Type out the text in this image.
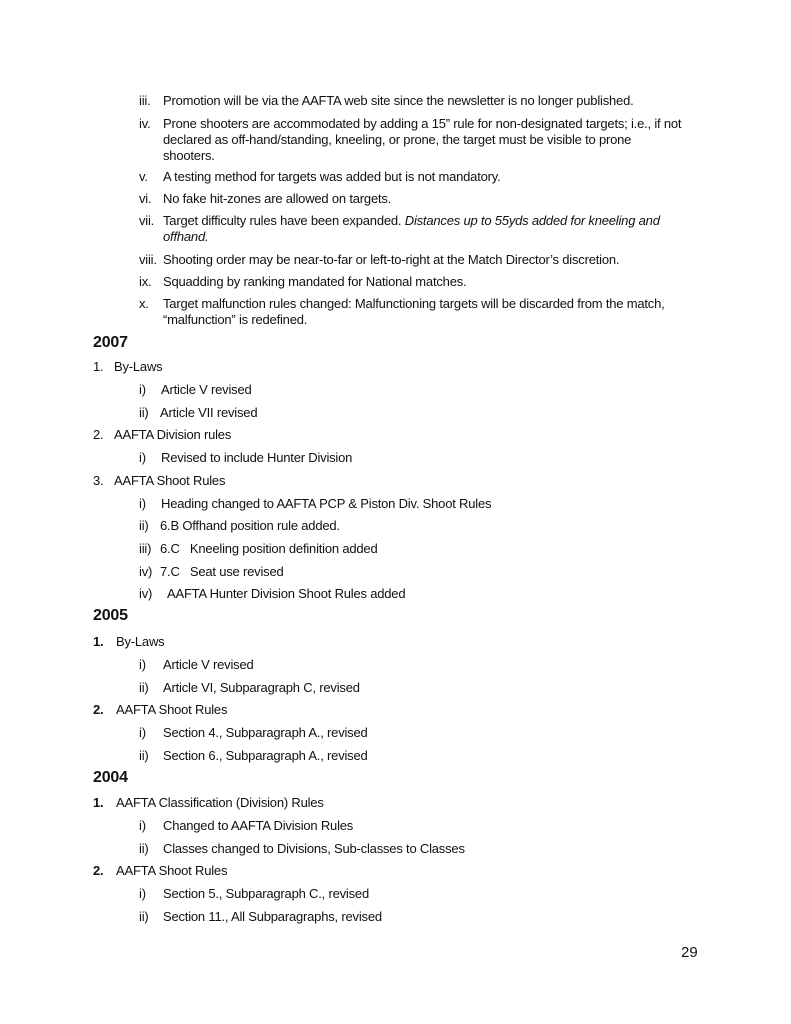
iii. Promotion will be via the AAFTA web site since the newsletter is no longer published.
iv. Prone shooters are accommodated by adding a 15” rule for non-designated targets; i.e., if not
declared as off-hand/standing, kneeling, or prone, the target must be visible to prone
shooters.
v. A testing method for targets was added but is not mandatory.
vi. No fake hit-zones are allowed on targets.
vii. Target difficulty rules have been expanded. Distances up to 55yds added for kneeling and
offhand.
viii. Shooting order may be near-to-far or left-to-right at the Match Director’s discretion.
ix. Squadding by ranking mandated for National matches.
x. Target malfunction rules changed: Malfunctioning targets will be discarded from the match,
“malfunction” is redefined.
2007
1. By-Laws
i) Article V revised
ii) Article VII revised
2. AAFTA Division rules
i) Revised to include Hunter Division
3. AAFTA Shoot Rules
i) Heading changed to AAFTA PCP & Piston Div. Shoot Rules
ii) 6.B Offhand position rule added.
iii) 6.C   Kneeling position definition added
iv) 7.C   Seat use revised
iv) AAFTA Hunter Division Shoot Rules added
2005
1. By-Laws
i) Article V revised
ii) Article VI, Subparagraph C, revised
2. AAFTA Shoot Rules
i) Section 4., Subparagraph A., revised
ii) Section 6., Subparagraph A., revised
2004
1. AAFTA Classification (Division) Rules
i) Changed to AAFTA Division Rules
ii) Classes changed to Divisions, Sub-classes to Classes
2. AAFTA Shoot Rules
i) Section 5., Subparagraph C., revised
ii) Section 11., All Subparagraphs, revised
29
